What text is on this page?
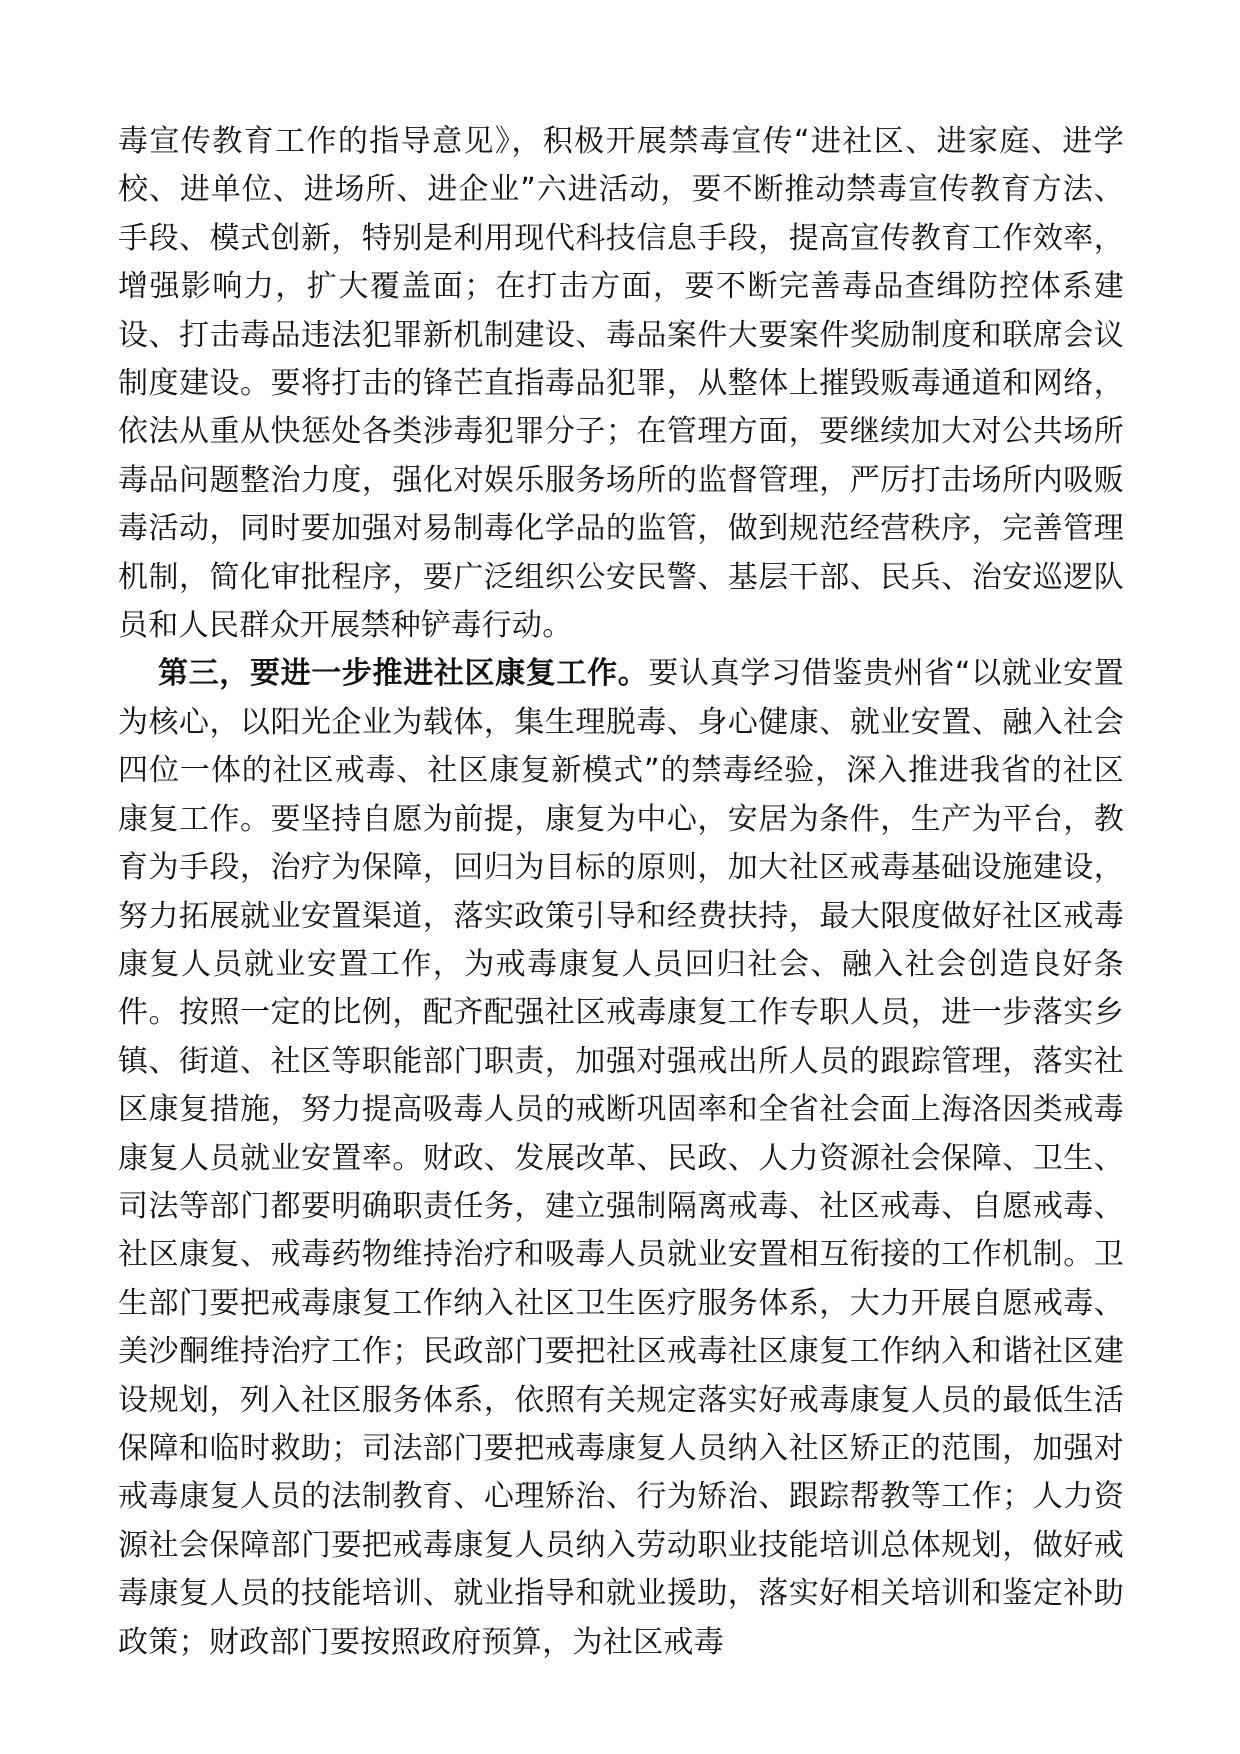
毒宣传教育工作的指导意见》，积极开展禁毒宣传“进社区、进家庭、进学校、进单位、进场所、进企业”六进活动，要不断推动禁毒宣传教育方法、手段、模式创新，特别是利用现代科技信息手段，提高宣传教育工作效率，增强影响力，扩大覆盖面；在打击方面，要不断完善毒品查缉防控体系建设、打击毒品违法犯罪新机制建设、毒品案件大要案件奖励制度和联席会议制度建设。要将打击的锋芒直指毒品犯罪，从整体上摧毁贩毒通道和网络，依法从重从快惩处各类涉毒犯罪分子；在管理方面，要继续加大对公共场所毒品问题整治力度，强化对娱乐服务场所的监督管理，严厉打击场所内吸贩毒活动，同时要加强对易制毒化学品的监管，做到规范经营秩序，完善管理机制，简化审批程序，要广泛组织公安民警、基层干部、民兵、治安巡逻队员和人民群众开展禁种铲毒行动。

第三，要进一步推进社区康复工作。要认真学习借鉴贵州省“以就业安置为核心，以阳光企业为载体，集生理脱毒、身心健康、就业安置、融入社会四位一体的社区戒毒、社区康复新模式”的禁毒经验，深入推进我省的社区康复工作。要坚持自愿为前提，康复为中心，安居为条件，生产为平台，教育为手段，治疗为保障，回归为目标的原则，加大社区戒毒基础设施建设，努力拓展就业安置渠道，落实政策引导和经费扶持，最大限度做好社区戒毒康复人员就业安置工作，为戒毒康复人员回归社会、融入社会创造良好条件。按照一定的比例，配齐配强社区戒毒康复工作专职人员，进一步落实乡镇、街道、社区等职能部门职责，加强对强戒出所人员的跟踪管理，落实社区康复措施，努力提高吸毒人员的戒断巩固率和全省社会面上海洛因类戒毒康复人员就业安置率。财政、发展改革、民政、人力资源社会保障、卫生、司法等部门都要明确职责任务，建立强制隔离戒毒、社区戒毒、自愿戒毒、社区康复、戒毒药物维持治疗和吸毒人员就业安置相互衔接的工作机制。卫生部门要把戒毒康复工作纳入社区卫生医疗服务体系，大力开展自愿戒毒、美沙酮维持治疗工作；民政部门要把社区戒毒社区康复工作纳入和谐社区建设规划，列入社区服务体系，依照有关规定落实好戒毒康复人员的最低生活保障和临时救助；司法部门要把戒毒康复人员纳入社区矫正的范围，加强对戒毒康复人员的法制教育、心理矫治、行为矫治、跟踪帮教等工作；人力资源社会保障部门要把戒毒康复人员纳入劳动职业技能培训总体规划，做好戒毒康复人员的技能培训、就业指导和就业援助，落实好相关培训和鉴定补助政策；财政部门要按照政府预算，为社区戒毒
